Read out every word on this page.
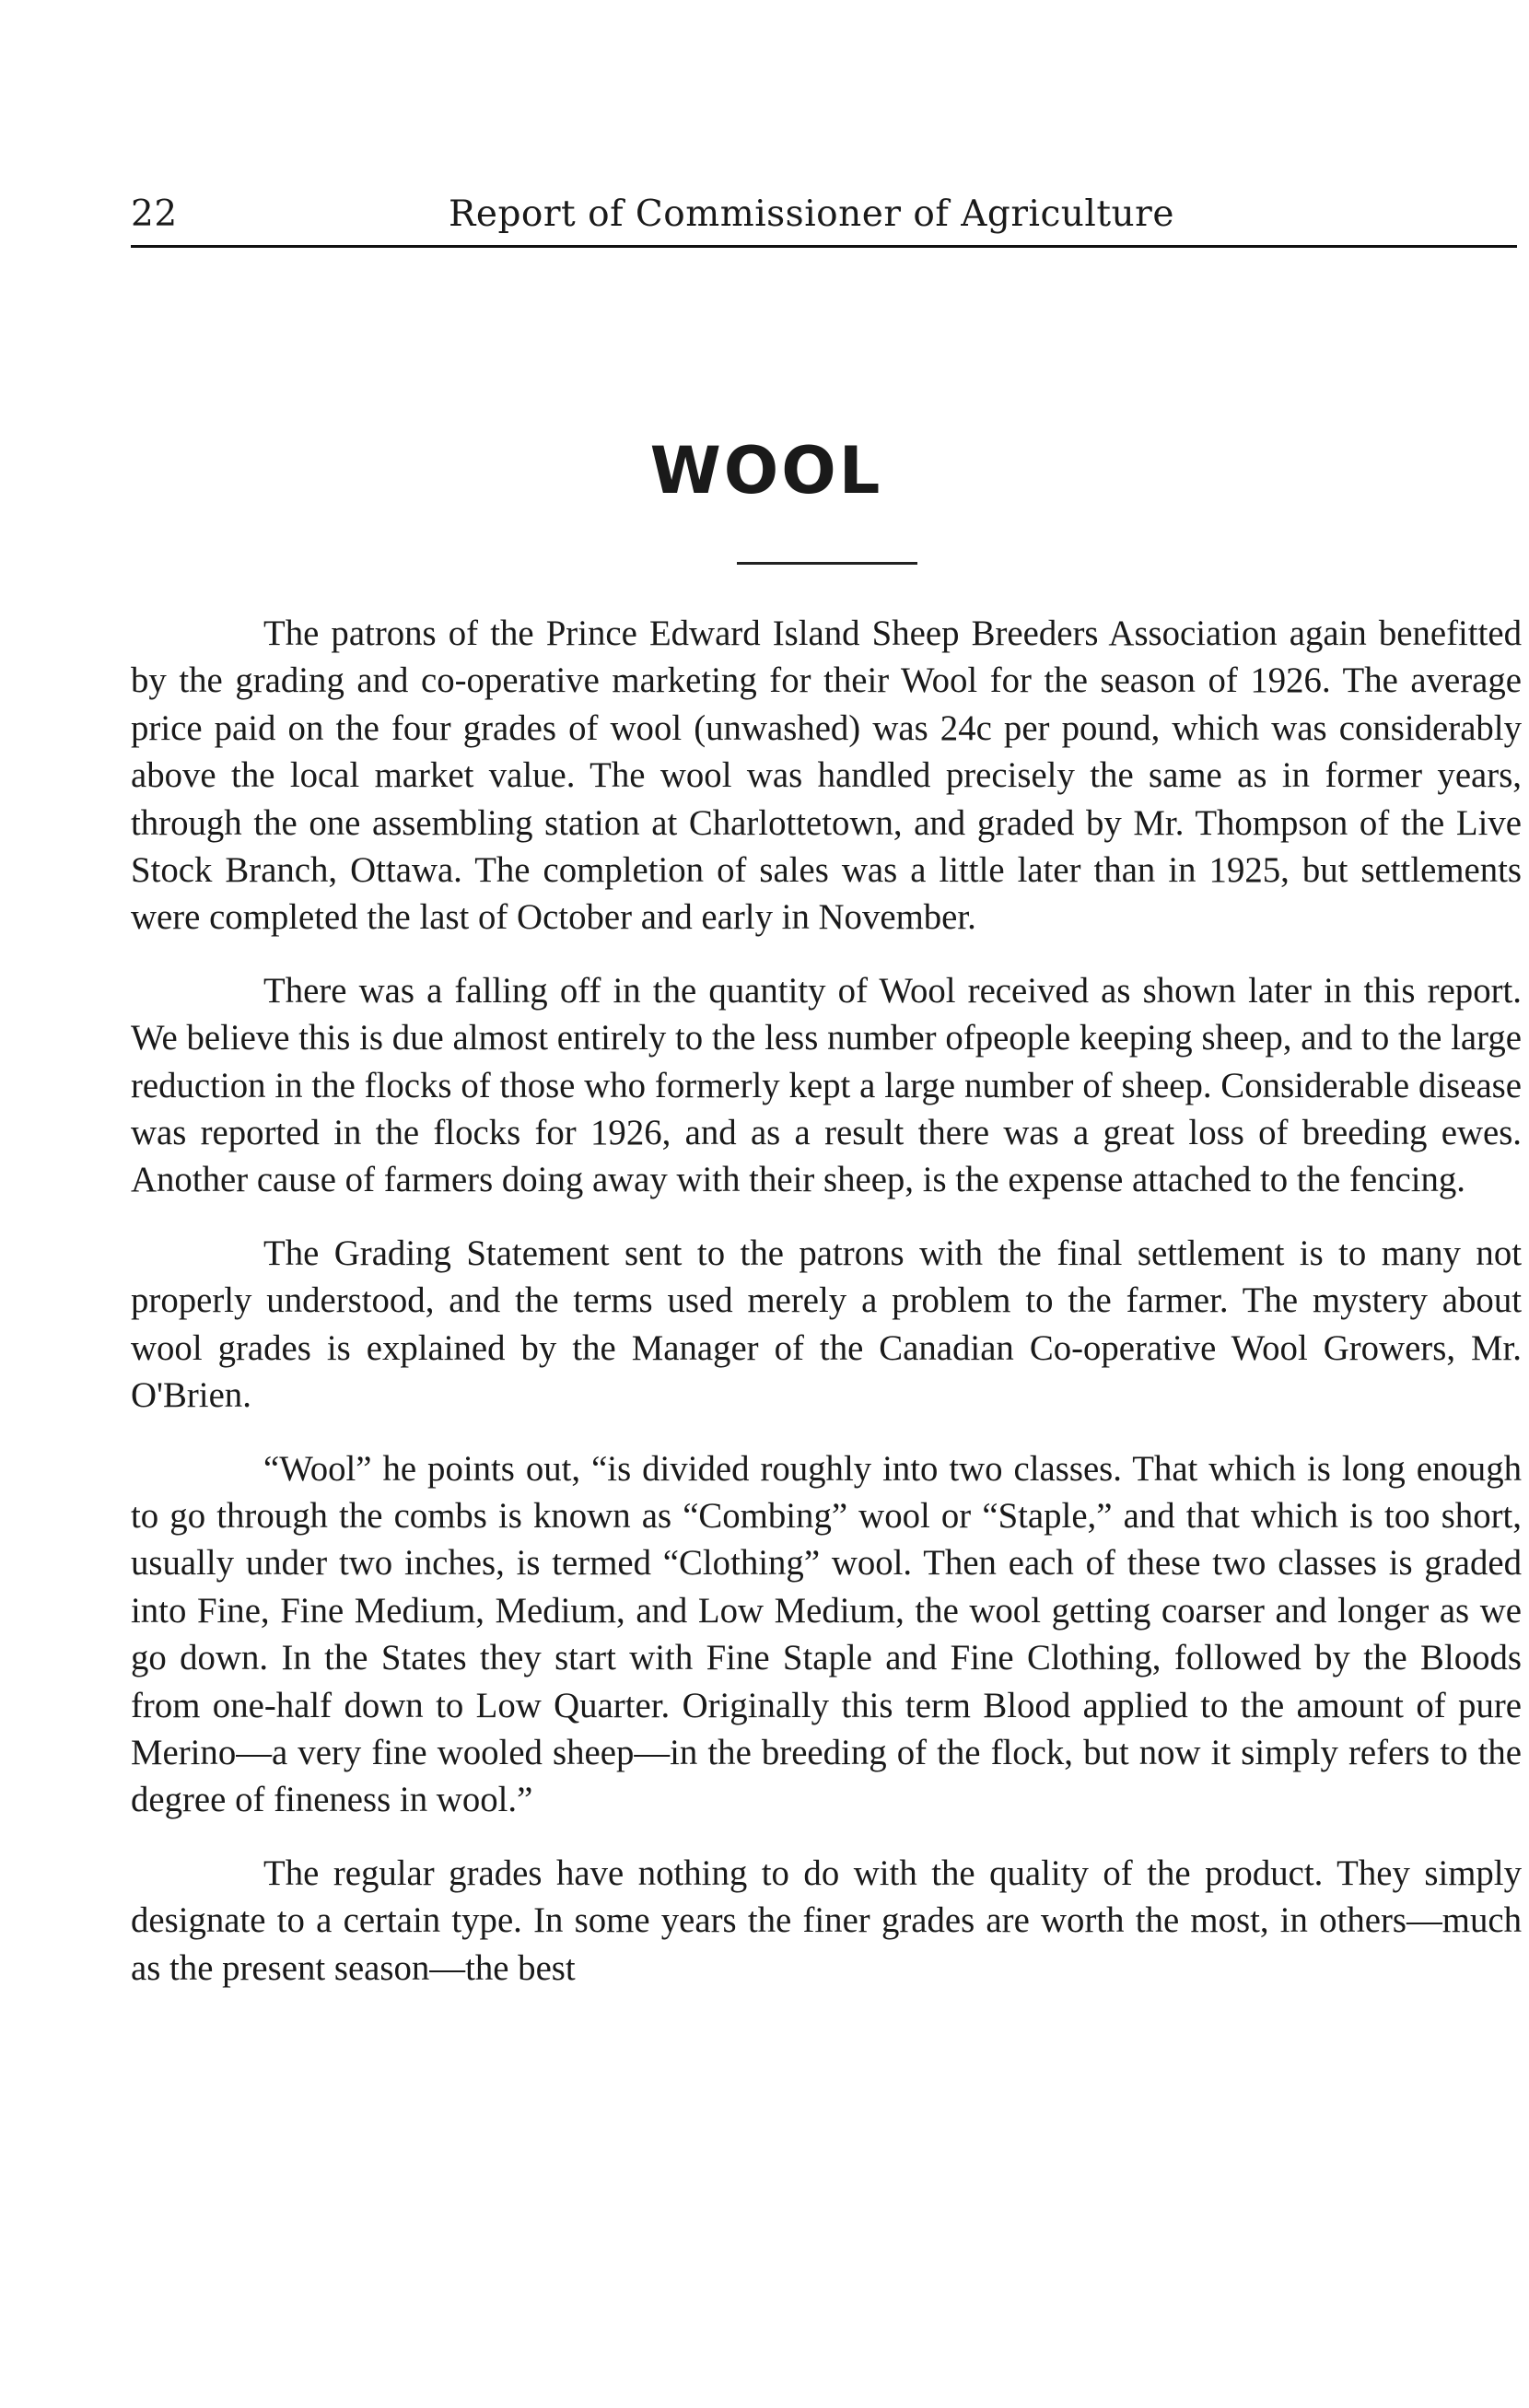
22	Report of Commissioner of Agriculture
WOOL

The patrons of the Prince Edward Island Sheep Breeders Association again benefitted by the grading and co-operative marketing for their Wool for the season of 1926. The average price paid on the four grades of wool (unwashed) was 24c per pound, which was considerably above the local market value. The wool was handled precisely the same as in former years, through the one assembling station at Charlottetown, and graded by Mr. Thompson of the Live Stock Branch, Ottawa. The completion of sales was a little later than in 1925, but settlements were completed the last of October and early in November.

There was a falling off in the quantity of Wool received as shown later in this report. We believe this is due almost entirely to the less number ofpeople keeping sheep, and to the large reduction in the flocks of those who formerly kept a large number of sheep. Considerable disease was reported in the flocks for 1926, and as a result there was a great loss of breeding ewes. Another cause of farmers doing away with their sheep, is the expense attached to the fencing.

The Grading Statement sent to the patrons with the final settlement is to many not properly understood, and the terms used merely a problem to the farmer. The mystery about wool grades is explained by the Manager of the Canadian Co-operative Wool Growers, Mr. O'Brien.

“Wool” he points out, “is divided roughly into two classes. That which is long enough to go through the combs is known as “Combing” wool or “Staple,” and that which is too short, usually under two inches, is termed “Clothing” wool. Then each of these two classes is graded into Fine, Fine Medium, Medium, and Low Medium, the wool getting coarser and longer as we go down. In the States they start with Fine Staple and Fine Clothing, followed by the Bloods from one-half down to Low Quarter. Originally this term Blood applied to the amount of pure Merino—a very fine wooled sheep—in the breeding of the flock, but now it simply refers to the degree of fineness in wool.”

The regular grades have nothing to do with the quality of the product. They simply designate to a certain type. In some years the finer grades are worth the most, in others—much as the present season—the best
